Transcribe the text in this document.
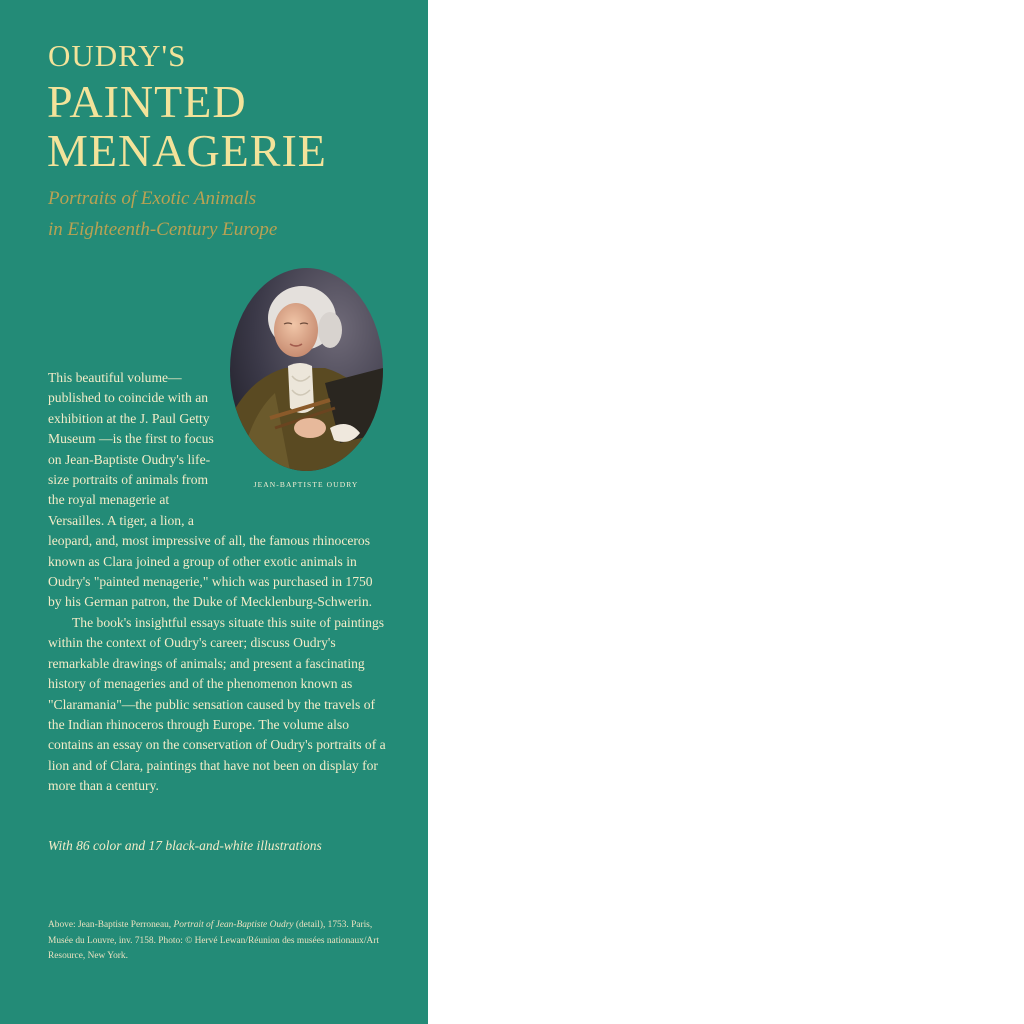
OUDRY'S
PAINTED
MENAGERIE
Portraits of Exotic Animals
in Eighteenth-Century Europe
JEAN-BAPTISTE OUDRY

This beautiful volume—published to coincide with an exhibition at the J. Paul Getty Museum —is the first to focus on Jean-Baptiste Oudry's life-size portraits of animals from the royal menagerie at Versailles. A tiger, a lion, a leopard, and, most impressive of all, the famous rhinoceros known as Clara joined a group of other exotic animals in Oudry's "painted menagerie," which was purchased in 1750 by his German patron, the Duke of Mecklenburg-Schwerin.

The book's insightful essays situate this suite of paintings within the context of Oudry's career; discuss Oudry's remarkable drawings of animals; and present a fascinating history of menageries and of the phenomenon known as "Claramania"—the public sensation caused by the travels of the Indian rhinoceros through Europe. The volume also contains an essay on the conservation of Oudry's portraits of a lion and of Clara, paintings that have not been on display for more than a century.

With 86 color and 17 black-and-white illustrations

Above: Jean-Baptiste Perroneau, Portrait of Jean-Baptiste Oudry (detail), 1753. Paris, Musée du Louvre, inv. 7158. Photo: © Hervé Lewan/Réunion des musées nationaux/Art Resource, New York.
